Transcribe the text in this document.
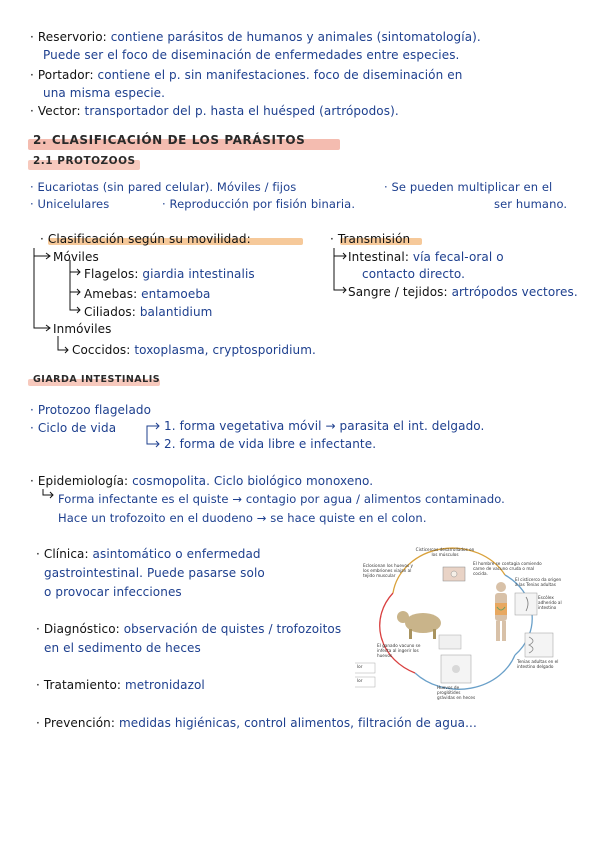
· Reservorio: contiene parásitos de humanos y animales (sintomatología).
Puede ser el foco de diseminación de enfermedades entre especies.
· Portador: contiene el p. sin manifestaciones. foco de diseminación en
una misma especie.
· Vector: transportador del p. hasta el huésped (artrópodos).
2. CLASIFICACIÓN DE LOS PARÁSITOS
2.1 PROTOZOOS
· Eucariotas (sin pared celular). Móviles / fijos	· Se pueden multiplicar en el
· Unicelulares	· Reproducción por fisión binaria.	ser humano.
· Clasificación según su movilidad:
Móviles
Flagelos: giardia intestinalis
Amebas: entamoeba
Ciliados: balantidium
Inmóviles
Coccidos: toxoplasma, cryptosporidium.
· Transmisión
Intestinal: vía fecal-oral o
contacto directo.
Sangre / tejidos: artrópodos vectores.
GIARDA INTESTINALIS
· Protozoo flagelado
· Ciclo de vida	1. forma vegetativa móvil → parasita el int. delgado.
2. forma de vida libre e infectante.
· Epidemiología: cosmopolita. Ciclo biológico monoxeno.
Forma infectante es el quiste → contagio por agua / alimentos contaminado.
Hace un trofozoito en el duodeno → se hace quiste en el colon.
· Clínica: asintomático o enfermedad
gastrointestinal. Puede pasarse solo
o provocar infecciones
· Diagnóstico: observación de quistes / trofozoitos
en el sedimento de heces
· Tratamiento: metronidazol
· Prevención: medidas higiénicas, control alimentos, filtración de agua...
Cisticercos desarrollados en los músculos
Eclosionan los huevos y los embriones viajan al tejido muscular
El hombre se contagia comiendo carne de vacuno cruda o mal cocida.
El cisticerco da origen a las Tenias adultas
Escólex adherido al intestino
Tenias adultas en el intestino delgado
El ganado vacuno se infecta al ingerir los huevos
Huevos de proglótides grávidas en heces
lor
lor
